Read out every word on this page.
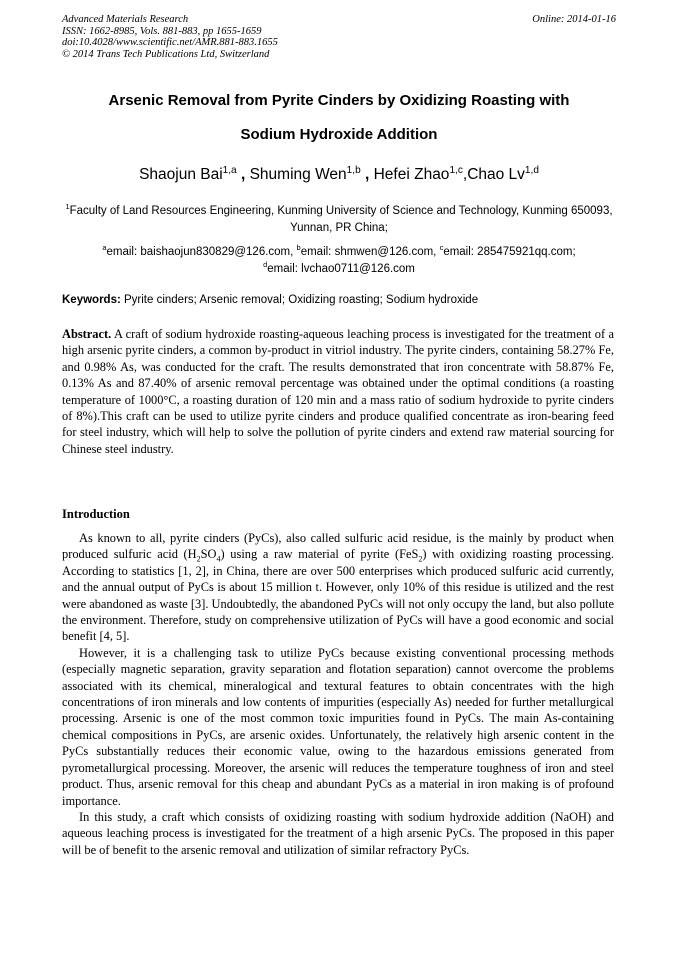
Advanced Materials Research
ISSN: 1662-8985, Vols. 881-883, pp 1655-1659
doi:10.4028/www.scientific.net/AMR.881-883.1655
© 2014 Trans Tech Publications Ltd, Switzerland
Online: 2014-01-16
Arsenic Removal from Pyrite Cinders by Oxidizing Roasting with
Sodium Hydroxide Addition
Shaojun Bai$^{1,a}$ , Shuming Wen$^{1,b}$ , Hefei Zhao$^{1,c}$,Chao Lv$^{1,d}$
$^1$Faculty of Land Resources Engineering, Kunming University of Science and Technology, Kunming 650093, Yunnan, PR China;
$^a$email: baishaojun830829@126.com, $^b$email: shmwen@126.com, $^c$email: 285475921qq.com;
$^d$email: lvchao0711@126.com
Keywords: Pyrite cinders; Arsenic removal; Oxidizing roasting; Sodium hydroxide
Abstract. A craft of sodium hydroxide roasting-aqueous leaching process is investigated for the treatment of a high arsenic pyrite cinders, a common by-product in vitriol industry. The pyrite cinders, containing 58.27% Fe, and 0.98% As, was conducted for the craft. The results demonstrated that iron concentrate with 58.87% Fe, 0.13% As and 87.40% of arsenic removal percentage was obtained under the optimal conditions (a roasting temperature of 1000°C, a roasting duration of 120 min and a mass ratio of sodium hydroxide to pyrite cinders of 8%).This craft can be used to utilize pyrite cinders and produce qualified concentrate as iron-bearing feed for steel industry, which will help to solve the pollution of pyrite cinders and extend raw material sourcing for Chinese steel industry.
Introduction

As known to all, pyrite cinders (PyCs), also called sulfuric acid residue, is the mainly by product when produced sulfuric acid $(H_2SO_4)$ using a raw material of pyrite (FeS$_2$) with oxidizing roasting processing. According to statistics [1, 2], in China, there are over 500 enterprises which produced sulfuric acid currently, and the annual output of PyCs is about 15 million t. However, only 10% of this residue is utilized and the rest were abandoned as waste [3]. Undoubtedly, the abandoned PyCs will not only occupy the land, but also pollute the environment. Therefore, study on comprehensive utilization of PyCs will have a good economic and social benefit [4, 5].

However, it is a challenging task to utilize PyCs because existing conventional processing methods (especially magnetic separation, gravity separation and flotation separation) cannot overcome the problems associated with its chemical, mineralogical and textural features to obtain concentrates with the high concentrations of iron minerals and low contents of impurities (especially As) needed for further metallurgical processing. Arsenic is one of the most common toxic impurities found in PyCs. The main As-containing chemical compositions in PyCs, are arsenic oxides. Unfortunately, the relatively high arsenic content in the PyCs substantially reduces their economic value, owing to the hazardous emissions generated from pyrometallurgical processing. Moreover, the arsenic will reduces the temperature toughness of iron and steel product. Thus, arsenic removal for this cheap and abundant PyCs as a material in iron making is of profound importance.

In this study, a craft which consists of oxidizing roasting with sodium hydroxide addition (NaOH) and aqueous leaching process is investigated for the treatment of a high arsenic PyCs. The proposed in this paper will be of benefit to the arsenic removal and utilization of similar refractory PyCs.
